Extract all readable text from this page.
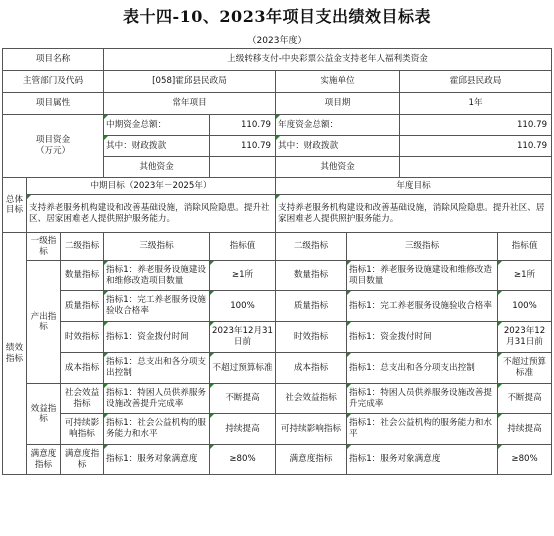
表十四-10、2023年项目支出绩效目标表
（2023年度）
项目名称			上级转移支付-中央彩票公益金支持老年人福利类资金					
主管部门及代码			[058]霍邱县民政局		实施单位		霍邱县民政局	
项目属性			常年项目		项目期		1年	
项目资金
（万元）			中期资金总额：	110.79	年度资金总额：		110.79	
			其中：财政拨款	110.79	其中：财政拨款		110.79	
			其他资金		其他资金			
总体目标	中期目标（2023年－2025年）				年度目标			
	支持养老服务机构建设和改善基础设施，消除风险隐患。提升社区、居家困难老人提供照护服务能力。				支持养老服务机构建设和改善基础设施，消除风险隐患。提升社区、居家困难老人提供照护服务能力。			
绩效指标	一级指标	二级指标	三级指标	指标值	二级指标	三级指标		指标值
	产出指标	数量指标	指标1：养老服务设施建设和维修改造项目数量	≥1所	数量指标	指标1：养老服务设施建设和维修改造项目数量		≥1所
		质量指标	指标1：完工养老服务设施验收合格率	100%	质量指标	指标1：完工养老服务设施验收合格率		100%
		时效指标	指标1：资金拨付时间	2023年12月31日前	时效指标	指标1：资金拨付时间		2023年12月31日前
		成本指标	指标1：总支出和各分项支出控制	不超过预算标准	成本指标	指标1：总支出和各分项支出控制		不超过预算标准
	效益指标	社会效益指标	指标1：特困人员供养服务设施改善提升完成率	不断提高	社会效益指标	指标1：特困人员供养服务设施改善提升完成率		不断提高
		可持续影响指标	指标1：社会公益机构的服务能力和水平	持续提高	可持续影响指标	指标1：社会公益机构的服务能力和水平		持续提高
	满意度指标	满意度指标	指标1：服务对象满意度	≥80%	满意度指标	指标1：服务对象满意度		≥80%
